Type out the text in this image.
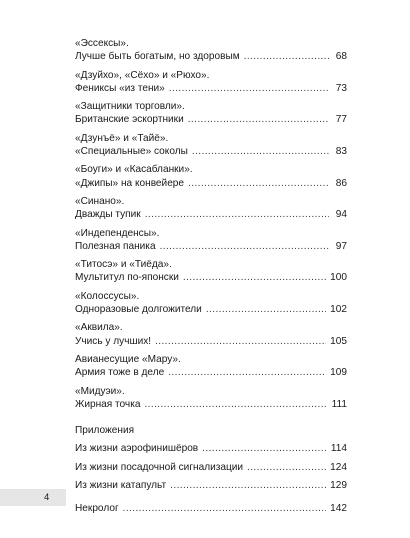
«Эссексы».
Лучше быть богатым, но здоровым .....	68
«Дзуйхо», «Сёхо» и «Рюхо».
Фениксы «из тени» .....	73
«Защитники торговли».
Британские эскортники .....	77
«Дзунъё» и «Тайё».
«Специальные» соколы .....	83
«Боуги» и «Касабланки».
«Джипы» на конвейере .....	86
«Синано».
Дважды тупик .....	94
«Индепенденсы».
Полезная паника .....	97
«Титосэ» и «Тиёда».
Мультитул по-японски .....	100
«Колоссусы».
Одноразовые долгожители .....	102
«Аквила».
Учись у лучших! .....	105
Авианесущие «Мару».
Армия тоже в деле .....	109
«Мидуэи».
Жирная точка .....	111
Приложения
Из жизни аэрофинишёров .....	114
Из жизни посадочной сигнализации .....	124
Из жизни катапульт .....	129
Некролог .....	142
4
